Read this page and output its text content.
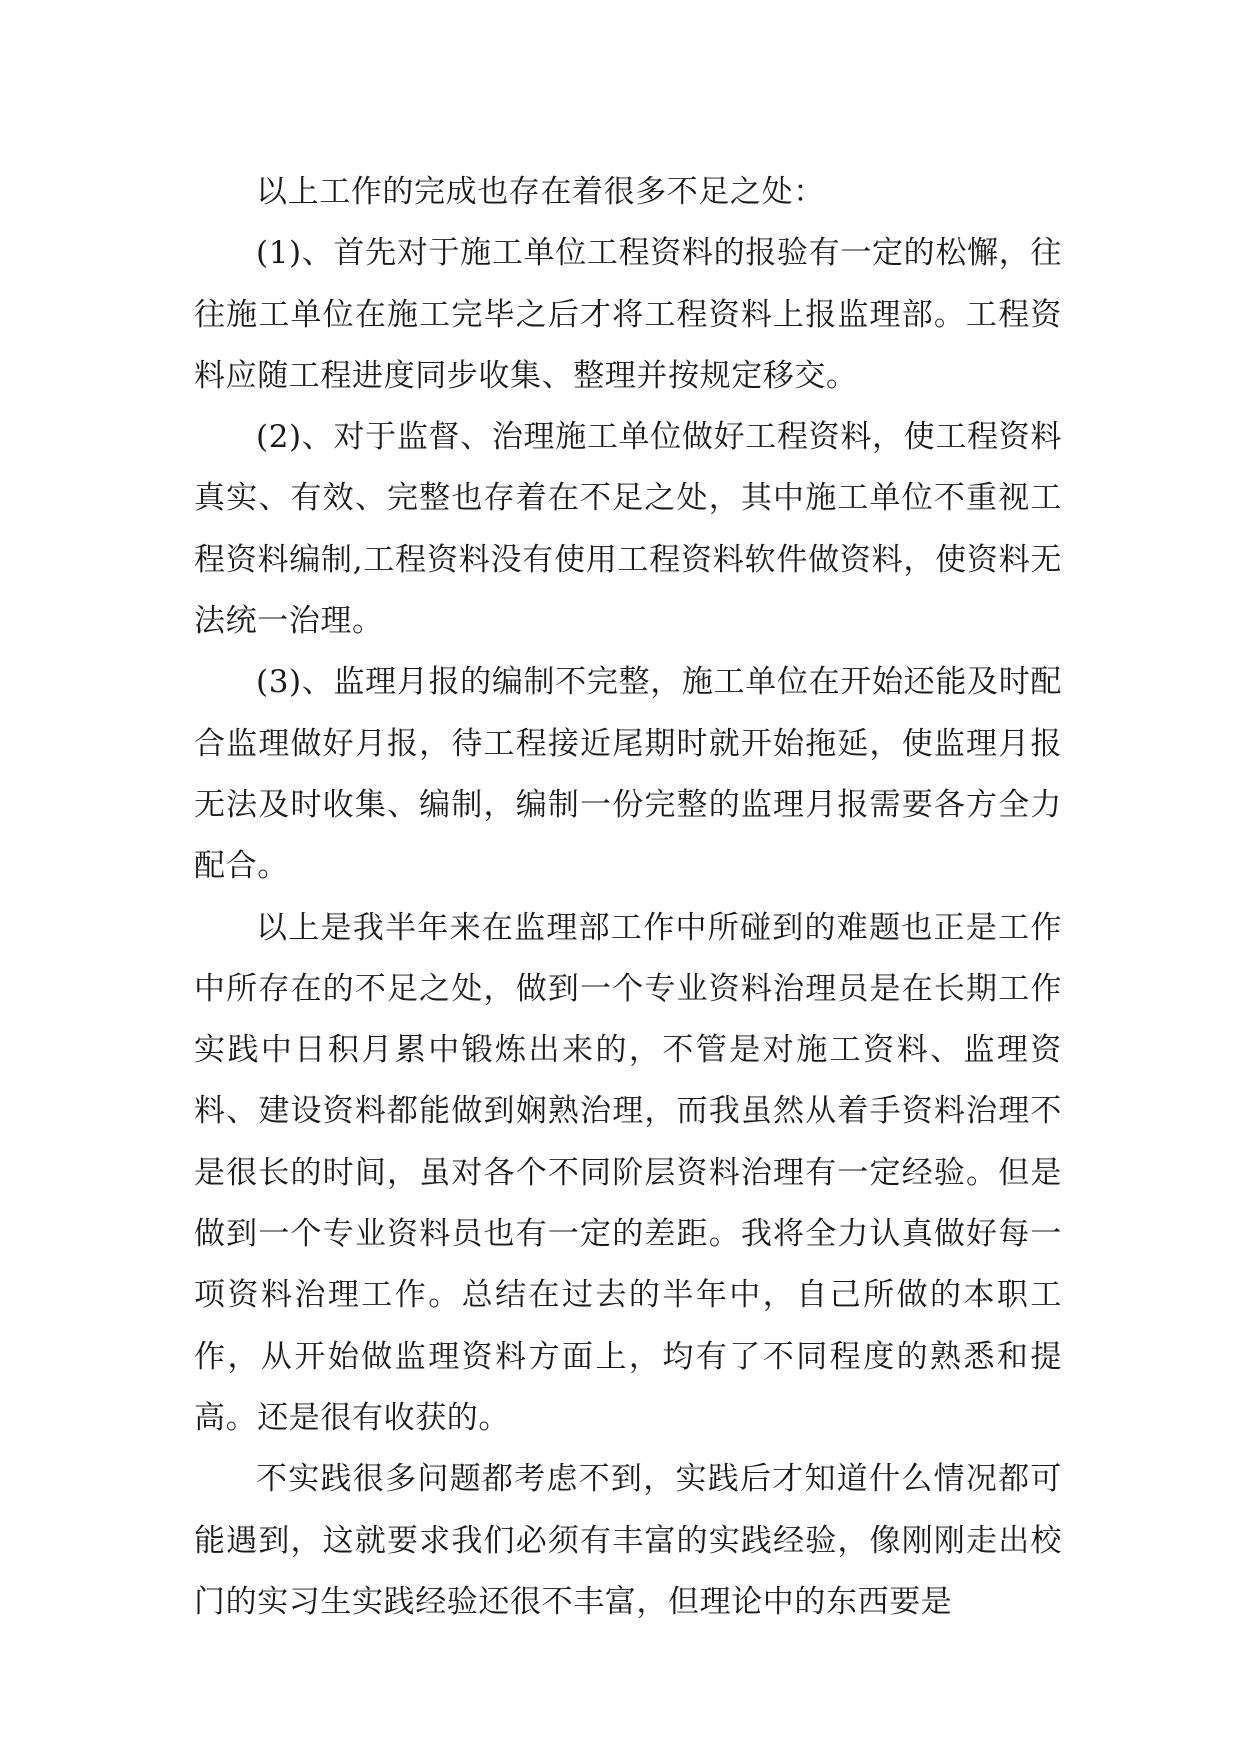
以上工作的完成也存在着很多不足之处：

(1)、首先对于施工单位工程资料的报验有一定的松懈，往往施工单位在施工完毕之后才将工程资料上报监理部。工程资料应随工程进度同步收集、整理并按规定移交。

(2)、对于监督、治理施工单位做好工程资料，使工程资料真实、有效、完整也存着在不足之处，其中施工单位不重视工程资料编制,工程资料没有使用工程资料软件做资料，使资料无法统一治理。

(3)、监理月报的编制不完整，施工单位在开始还能及时配合监理做好月报，待工程接近尾期时就开始拖延，使监理月报无法及时收集、编制，编制一份完整的监理月报需要各方全力配合。

以上是我半年来在监理部工作中所碰到的难题也正是工作中所存在的不足之处，做到一个专业资料治理员是在长期工作实践中日积月累中锻炼出来的，不管是对施工资料、监理资料、建设资料都能做到娴熟治理，而我虽然从着手资料治理不是很长的时间，虽对各个不同阶层资料治理有一定经验。但是做到一个专业资料员也有一定的差距。我将全力认真做好每一项资料治理工作。总结在过去的半年中，自己所做的本职工作，从开始做监理资料方面上，均有了不同程度的熟悉和提高。还是很有收获的。

不实践很多问题都考虑不到，实践后才知道什么情况都可能遇到，这就要求我们必须有丰富的实践经验，像刚刚走出校门的实习生实践经验还很不丰富，但理论中的东西要是
